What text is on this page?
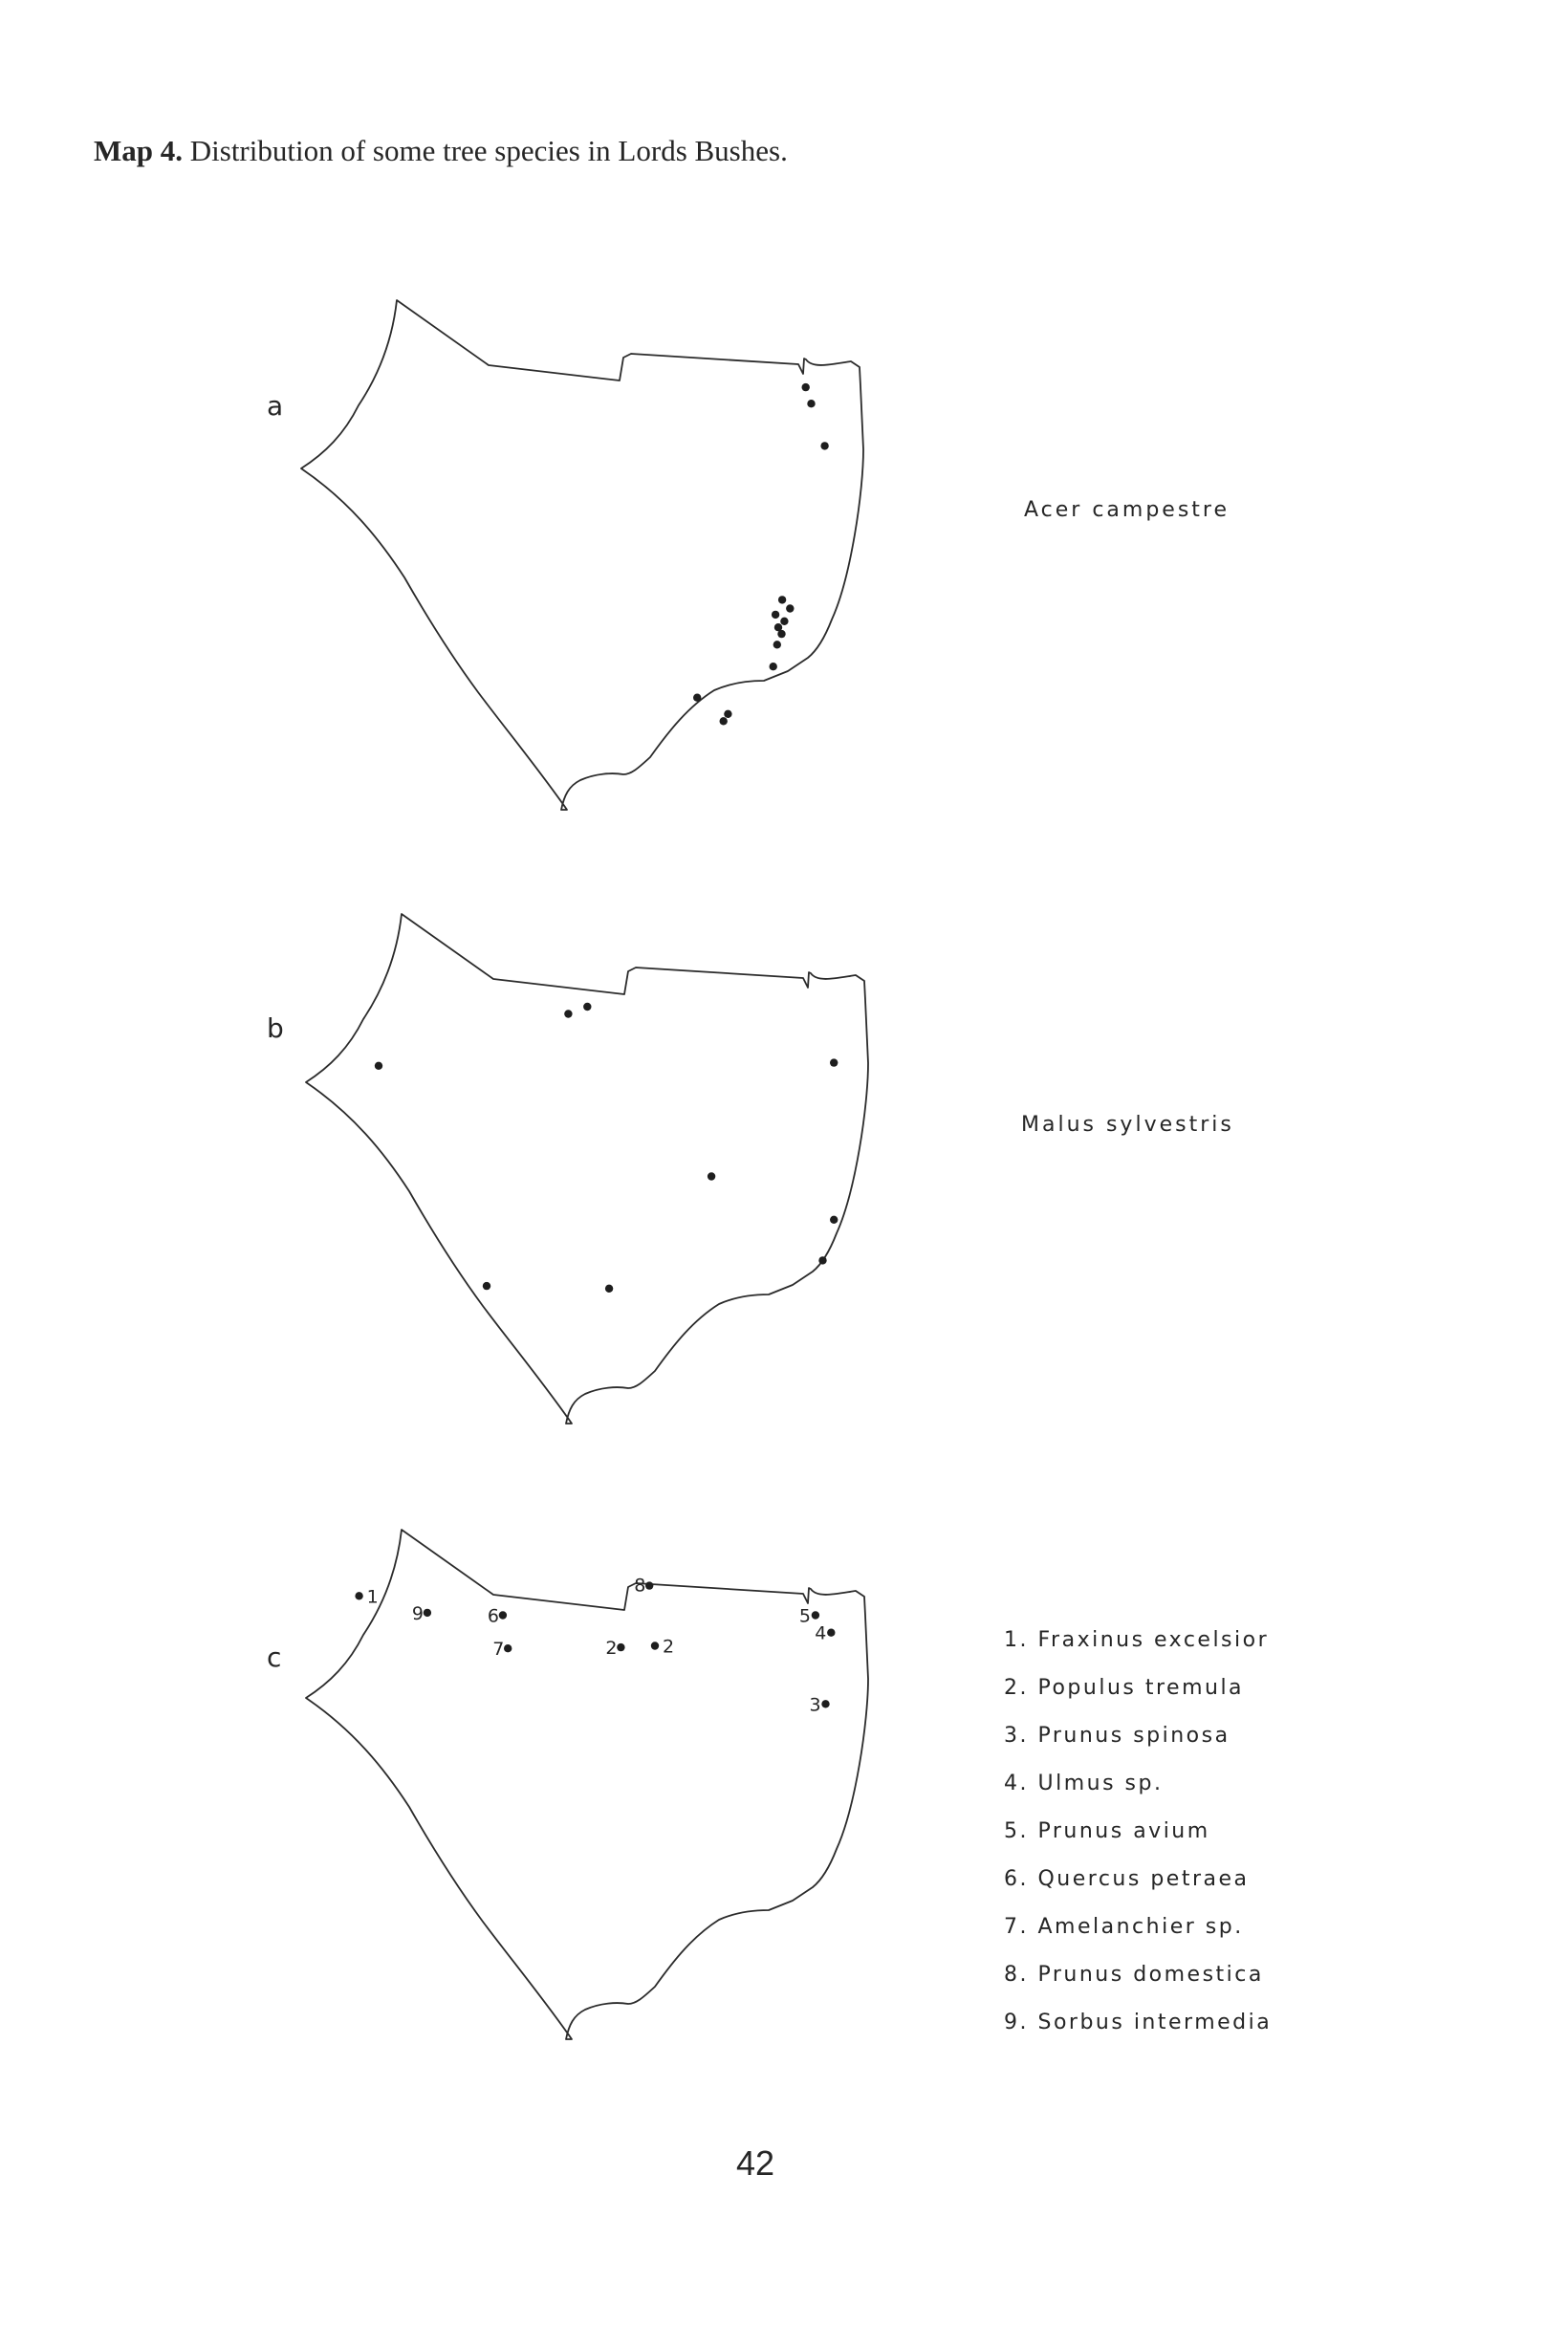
Map 4. Distribution of some tree species in Lords Bushes.
a
Acer campestre
b
Malus sylvestris
c
1
9	6
7	2	2
8
5
4
3
1. Fraxinus excelsior
2. Populus tremula
3. Prunus spinosa
4. Ulmus sp.
5. Prunus avium
6. Quercus petraea
7. Amelanchier sp.
8. Prunus domestica
9. Sorbus intermedia
42
